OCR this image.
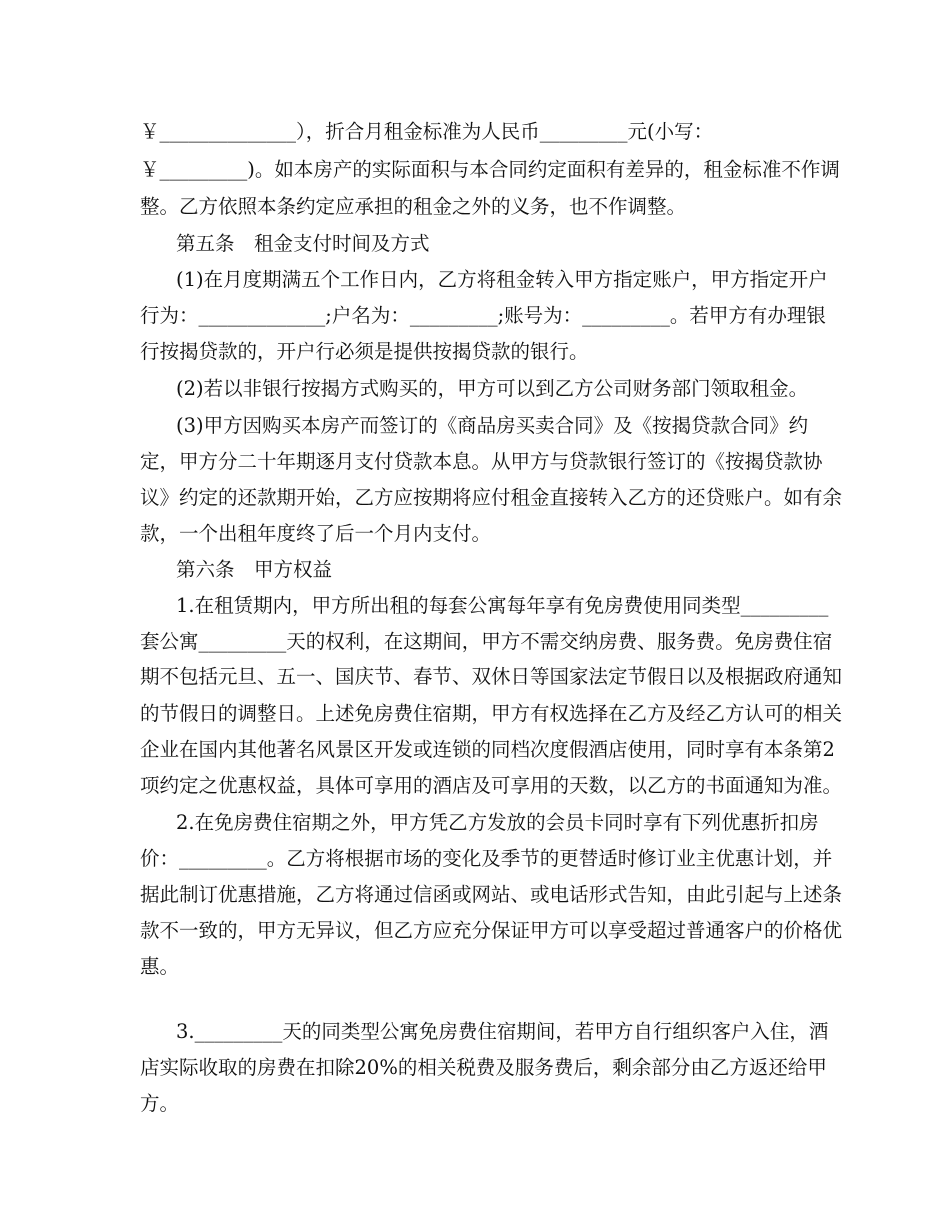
￥______________），折合月租金标准为人民币_________元(小写：
￥_________)。如本房产的实际面积与本合同约定面积有差异的，租金标准不作调
整。乙方依照本条约定应承担的租金之外的义务，也不作调整。
第五条　租金支付时间及方式
(1)在月度期满五个工作日内，乙方将租金转入甲方指定账户，甲方指定开户
行为：_____________;户名为：_________;账号为：_________。若甲方有办理银
行按揭贷款的，开户行必须是提供按揭贷款的银行。
(2)若以非银行按揭方式购买的，甲方可以到乙方公司财务部门领取租金。
(3)甲方因购买本房产而签订的《商品房买卖合同》及《按揭贷款合同》约
定，甲方分二十年期逐月支付贷款本息。从甲方与贷款银行签订的《按揭贷款协
议》约定的还款期开始，乙方应按期将应付租金直接转入乙方的还贷账户。如有余
款，一个出租年度终了后一个月内支付。
第六条　甲方权益
1.在租赁期内，甲方所出租的每套公寓每年享有免房费使用同类型_________
套公寓_________天的权利，在这期间，甲方不需交纳房费、服务费。免房费住宿
期不包括元旦、五一、国庆节、春节、双休日等国家法定节假日以及根据政府通知
的节假日的调整日。上述免房费住宿期，甲方有权选择在乙方及经乙方认可的相关
企业在国内其他著名风景区开发或连锁的同档次度假酒店使用，同时享有本条第2
项约定之优惠权益，具体可享用的酒店及可享用的天数，以乙方的书面通知为准。
2.在免房费住宿期之外，甲方凭乙方发放的会员卡同时享有下列优惠折扣房
价：_________。乙方将根据市场的变化及季节的更替适时修订业主优惠计划，并
据此制订优惠措施，乙方将通过信函或网站、或电话形式告知，由此引起与上述条
款不一致的，甲方无异议，但乙方应充分保证甲方可以享受超过普通客户的价格优
惠。
3._________天的同类型公寓免房费住宿期间，若甲方自行组织客户入住，酒
店实际收取的房费在扣除20%的相关税费及服务费后，剩余部分由乙方返还给甲
方。
